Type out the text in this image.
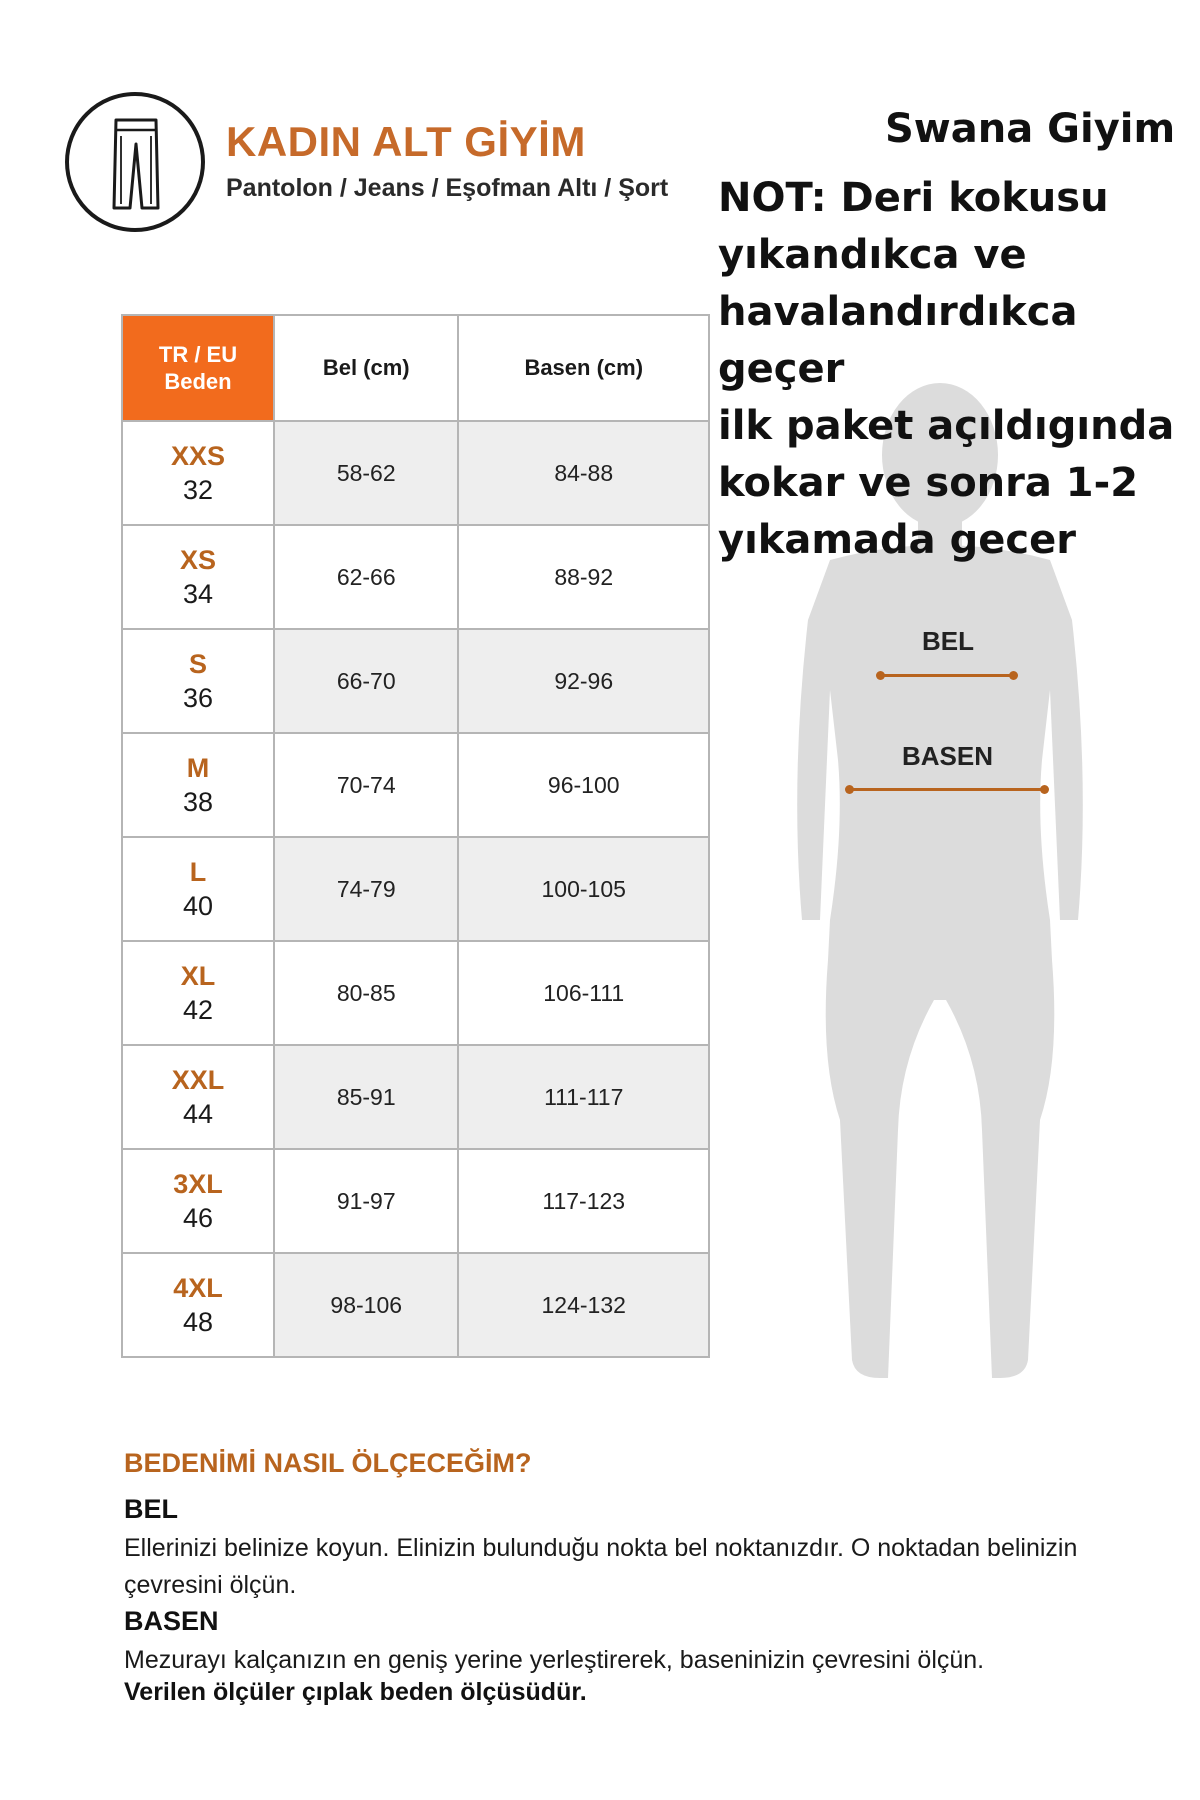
KADIN ALT GİYİM
Pantolon / Jeans / Eşofman Altı / Şort
Swana Giyim
NOT: Deri kokusu
yıkandıkca ve
havalandırdıkca geçer
ilk paket açıldıgında
kokar ve sonra 1-2
yıkamada gecer
BEL
BASEN
TR / EU
Beden	Bel (cm)	Basen (cm)

XXS
32	58-62	84-88

XS
34	62-66	88-92

S
36	66-70	92-96

M
38	70-74	96-100

L
40	74-79	100-105

XL
42	80-85	106-111

XXL
44	85-91	111-117

3XL
46	91-97	117-123

4XL
48	98-106	124-132
BEDENİMİ NASIL ÖLÇECEĞİM?
BEL
Ellerinizi belinize koyun. Elinizin bulunduğu nokta bel noktanızdır. O noktadan belinizin
çevresini ölçün.
BASEN
Mezurayı kalçanızın en geniş yerine yerleştirerek, baseninizin çevresini ölçün.
Verilen ölçüler çıplak beden ölçüsüdür.
